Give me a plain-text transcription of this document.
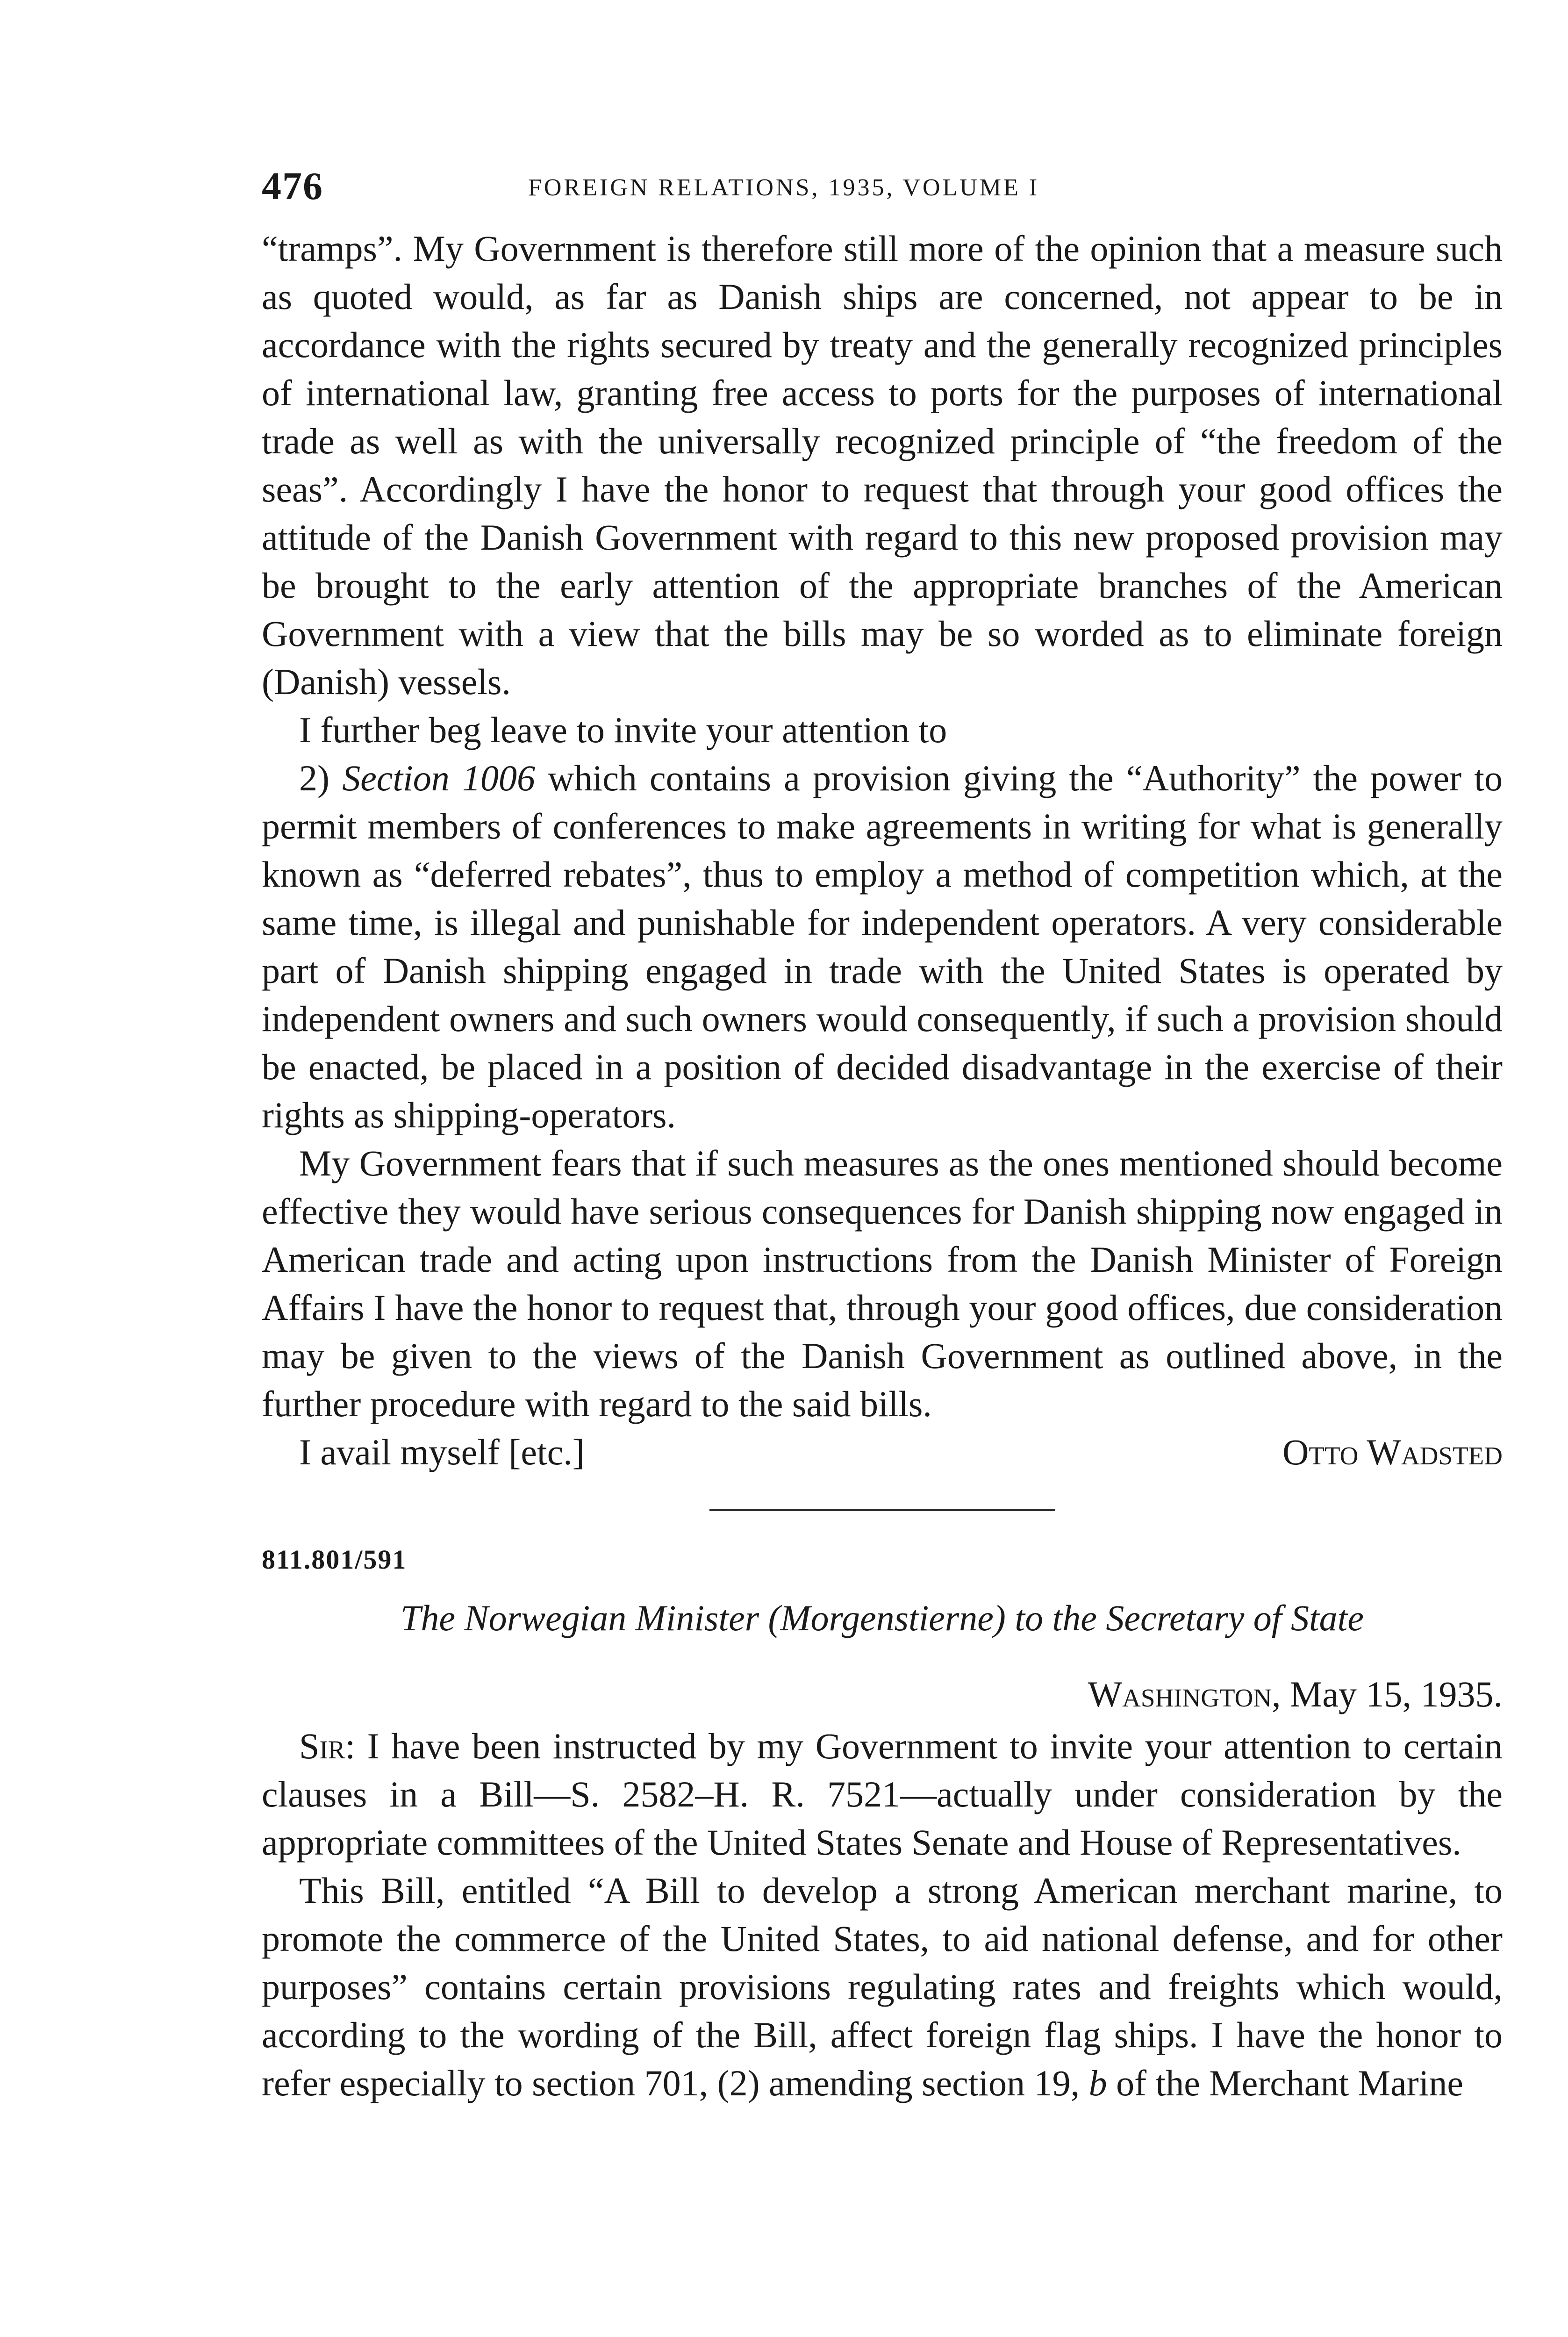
476	FOREIGN RELATIONS, 1935, VOLUME I

“tramps”. My Government is therefore still more of the opinion that a measure such as quoted would, as far as Danish ships are concerned, not appear to be in accordance with the rights secured by treaty and the generally recognized principles of international law, granting free access to ports for the purposes of international trade as well as with the universally recognized principle of “the freedom of the seas”. Accordingly I have the honor to request that through your good offices the attitude of the Danish Government with regard to this new proposed provision may be brought to the early attention of the appropriate branches of the American Government with a view that the bills may be so worded as to eliminate foreign (Danish) vessels.

I further beg leave to invite your attention to

2) Section 1006 which contains a provision giving the “Authority” the power to permit members of conferences to make agreements in writing for what is generally known as “deferred rebates”, thus to employ a method of competition which, at the same time, is illegal and punishable for independent operators. A very considerable part of Danish shipping engaged in trade with the United States is operated by independent owners and such owners would consequently, if such a provision should be enacted, be placed in a position of decided disadvantage in the exercise of their rights as shipping-operators.

My Government fears that if such measures as the ones mentioned should become effective they would have serious consequences for Danish shipping now engaged in American trade and acting upon instructions from the Danish Minister of Foreign Affairs I have the honor to request that, through your good offices, due consideration may be given to the views of the Danish Government as outlined above, in the further procedure with regard to the said bills.

I avail myself [etc.]	Otto Wadsted
811.801/591
The Norwegian Minister (Morgenstierne) to the Secretary of State
Washington, May 15, 1935.

Sir: I have been instructed by my Government to invite your attention to certain clauses in a Bill—S. 2582–H. R. 7521—actually under consideration by the appropriate committees of the United States Senate and House of Representatives.

This Bill, entitled “A Bill to develop a strong American merchant marine, to promote the commerce of the United States, to aid national defense, and for other purposes” contains certain provisions regulating rates and freights which would, according to the wording of the Bill, affect foreign flag ships. I have the honor to refer especially to section 701, (2) amending section 19, b of the Merchant Marine
